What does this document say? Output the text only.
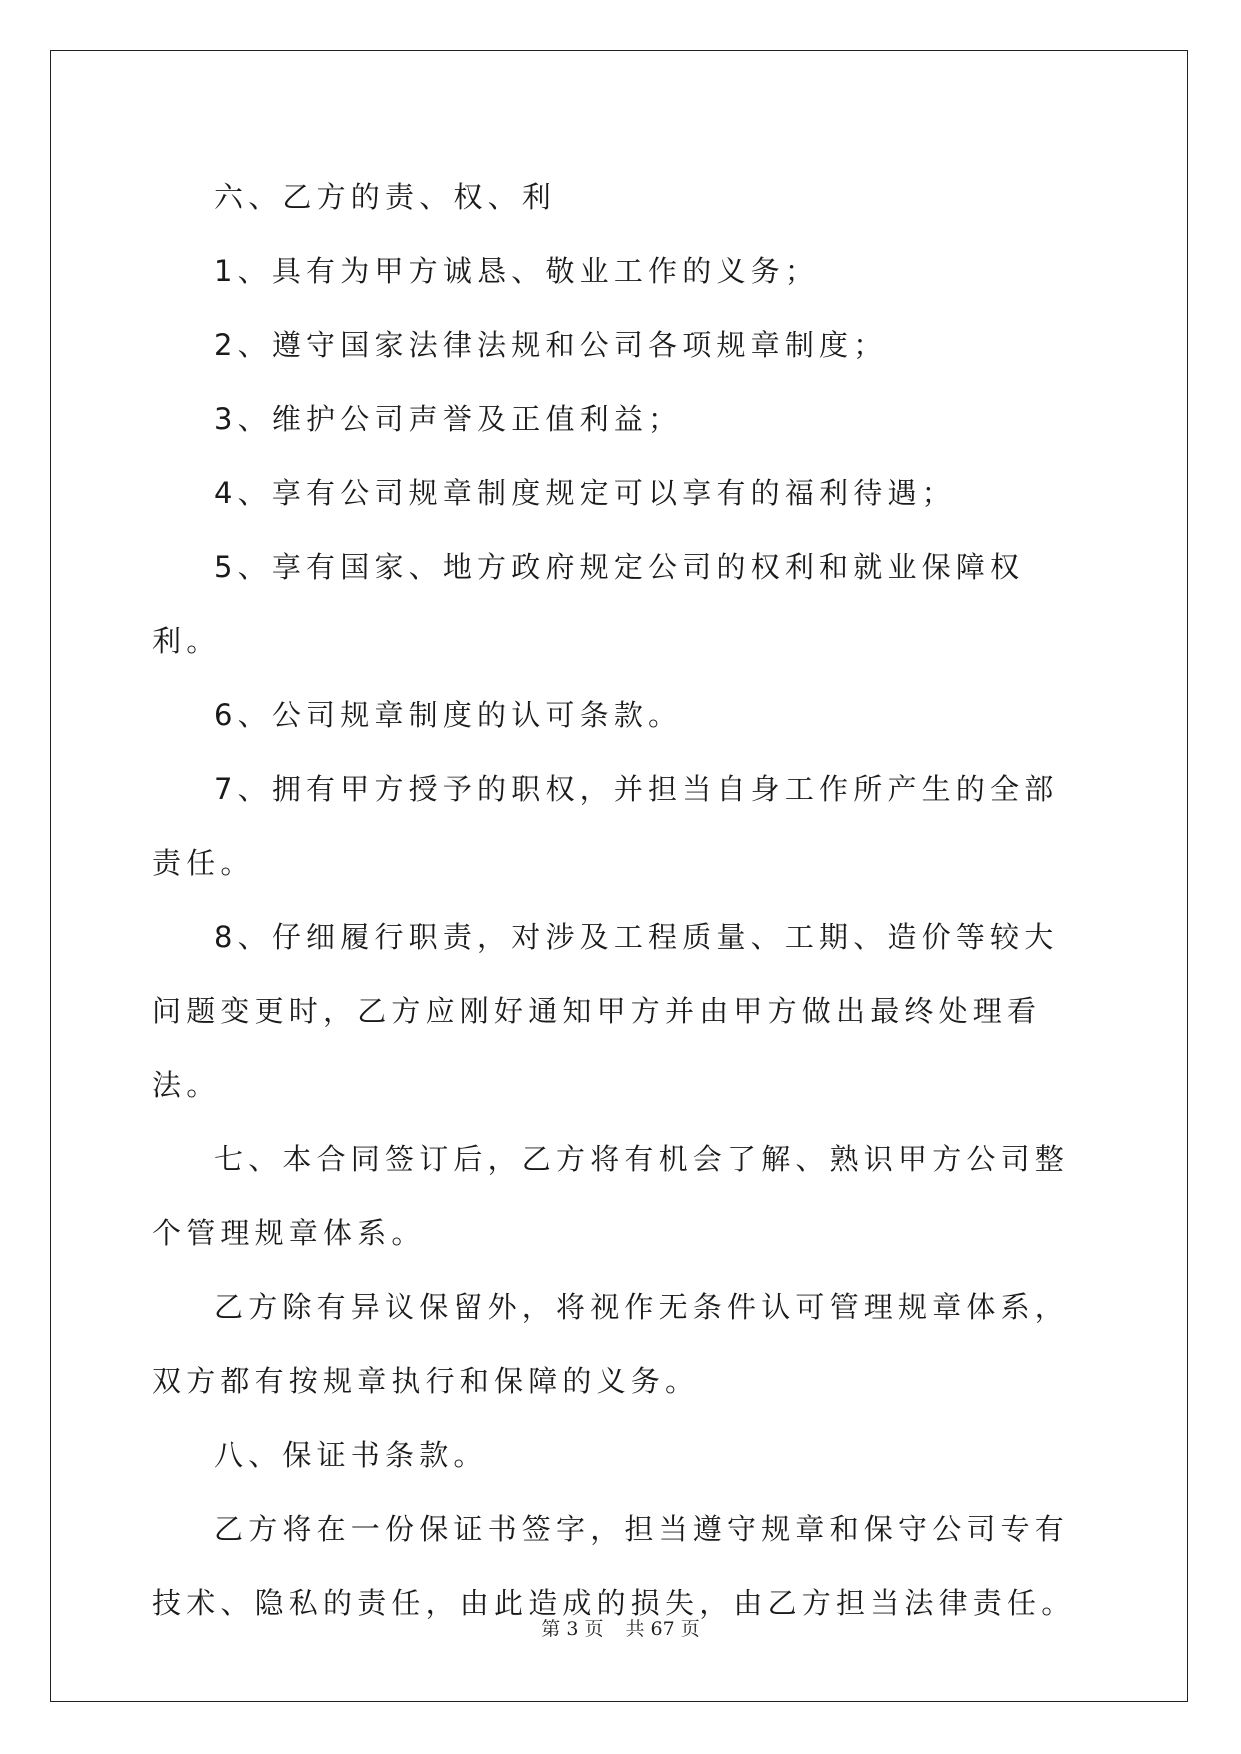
六、乙方的责、权、利

1、具有为甲方诚恳、敬业工作的义务；

2、遵守国家法律法规和公司各项规章制度；

3、维护公司声誉及正值利益；

4、享有公司规章制度规定可以享有的福利待遇；

5、享有国家、地方政府规定公司的权利和就业保障权利。

6、公司规章制度的认可条款。

7、拥有甲方授予的职权，并担当自身工作所产生的全部责任。

8、仔细履行职责，对涉及工程质量、工期、造价等较大问题变更时，乙方应刚好通知甲方并由甲方做出最终处理看法。

七、本合同签订后，乙方将有机会了解、熟识甲方公司整个管理规章体系。

乙方除有异议保留外，将视作无条件认可管理规章体系，双方都有按规章执行和保障的义务。

八、保证书条款。

乙方将在一份保证书签字，担当遵守规章和保守公司专有技术、隐私的责任，由此造成的损失，由乙方担当法律责任。

第 3 页 共 67 页
